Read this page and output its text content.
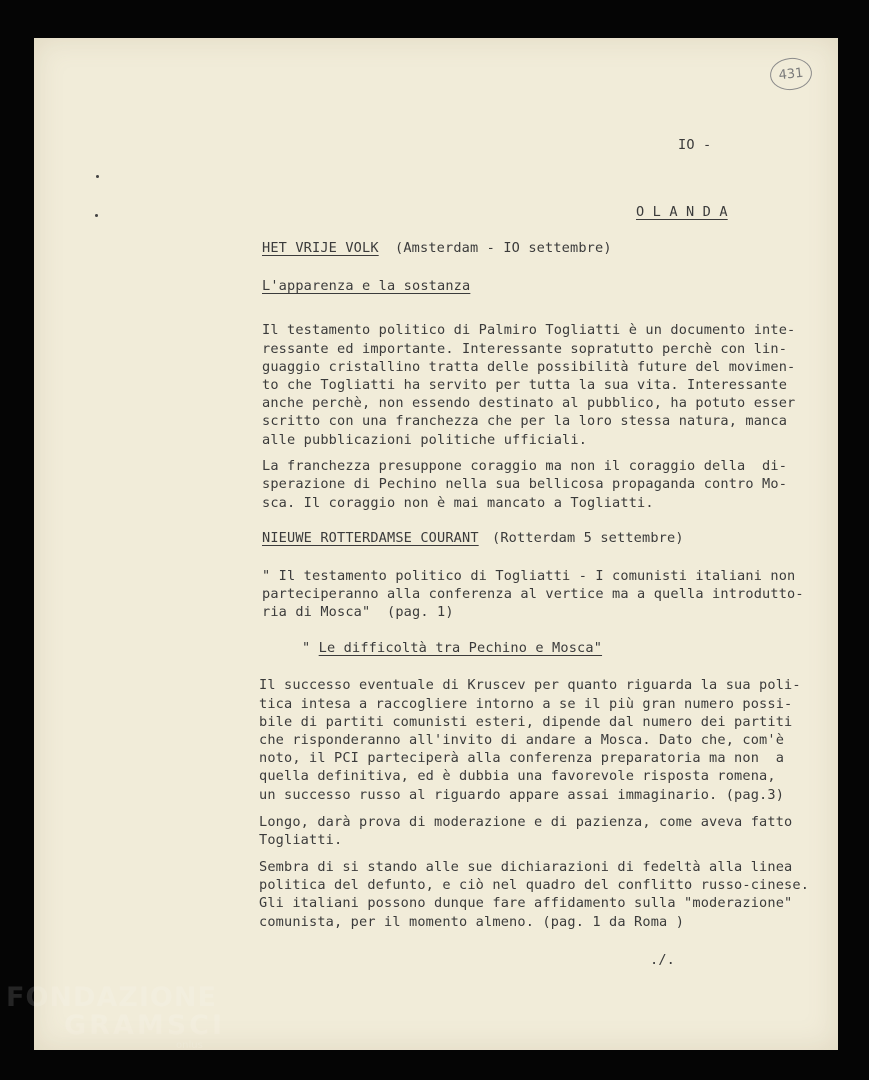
431
IO -
O L A N D A
HET VRIJE VOLK (Amsterdam - IO settembre)
L'apparenza e la sostanza
Il testamento politico di Palmiro Togliatti è un documento inte-
ressante ed importante. Interessante sopratutto perchè con lin-
guaggio cristallino tratta delle possibilità future del movimen-
to che Togliatti ha servito per tutta la sua vita. Interessante
anche perchè, non essendo destinato al pubblico, ha potuto esser
scritto con una franchezza che per la loro stessa natura, manca
alle pubblicazioni politiche ufficiali.
La franchezza presuppone coraggio ma non il coraggio della  di-
sperazione di Pechino nella sua bellicosa propaganda contro Mo-
sca. Il coraggio non è mai mancato a Togliatti.
NIEUWE ROTTERDAMSE COURANT (Rotterdam 5 settembre)
" Il testamento politico di Togliatti - I comunisti italiani non
parteciperanno alla conferenza al vertice ma a quella introdutto-
ria di Mosca"  (pag. 1)
" Le difficoltà tra Pechino e Mosca"
Il successo eventuale di Kruscev per quanto riguarda la sua poli-
tica intesa a raccogliere intorno a se il più gran numero possi-
bile di partiti comunisti esteri, dipende dal numero dei partiti
che risponderanno all'invito di andare a Mosca. Dato che, com'è
noto, il PCI parteciperà alla conferenza preparatoria ma non  a
quella definitiva, ed è dubbia una favorevole risposta romena,
un successo russo al riguardo appare assai immaginario. (pag.3)
Longo, darà prova di moderazione e di pazienza, come aveva fatto
Togliatti.
Sembra di si stando alle sue dichiarazioni di fedeltà alla linea
politica del defunto, e ciò nel quadro del conflitto russo-cinese.
Gli italiani possono dunque fare affidamento sulla "moderazione"
comunista, per il momento almeno. (pag. 1 da Roma )
./.
FONDAZIONE
GRAMSCI
onlus
